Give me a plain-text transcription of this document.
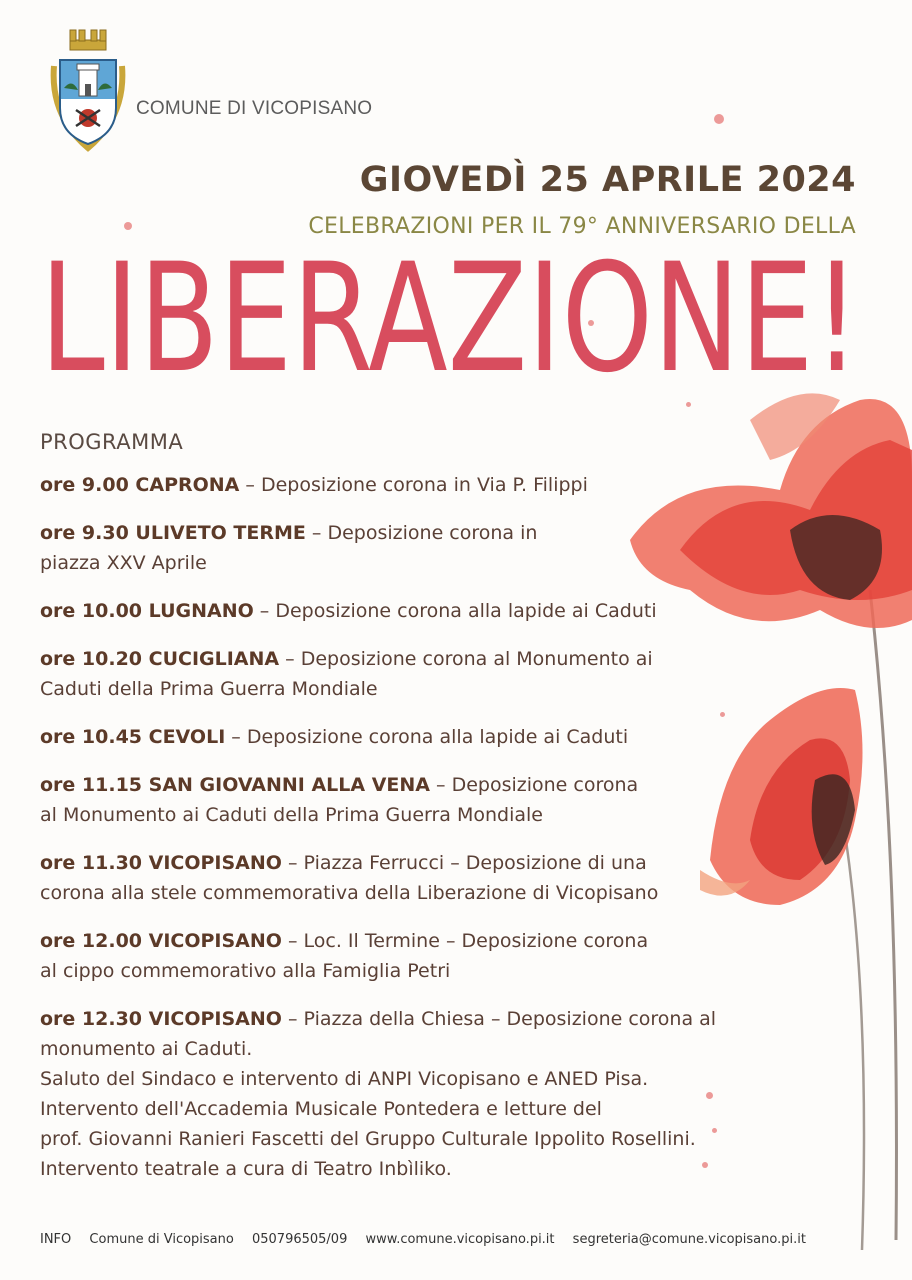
COMUNE DI VICOPISANO
GIOVEDÌ 25 APRILE 2024
CELEBRAZIONI PER IL 79° ANNIVERSARIO DELLA
LIBERAZIONE!
PROGRAMMA
ore 9.00 CAPRONA – Deposizione corona in Via P. Filippi
ore 9.30 ULIVETO TERME – Deposizione corona in
piazza XXV Aprile
ore 10.00 LUGNANO – Deposizione corona alla lapide ai Caduti
ore 10.20 CUCIGLIANA – Deposizione corona al Monumento ai
Caduti della Prima Guerra Mondiale
ore 10.45 CEVOLI – Deposizione corona alla lapide ai Caduti
ore 11.15 SAN GIOVANNI ALLA VENA – Deposizione corona
al Monumento ai Caduti della Prima Guerra Mondiale
ore 11.30 VICOPISANO – Piazza Ferrucci – Deposizione di una
corona alla stele commemorativa della Liberazione di Vicopisano
ore 12.00 VICOPISANO – Loc. Il Termine – Deposizione corona
al cippo commemorativo alla Famiglia Petri
ore 12.30 VICOPISANO – Piazza della Chiesa – Deposizione corona al
monumento ai Caduti.
Saluto del Sindaco e intervento di ANPI Vicopisano e ANED Pisa.
Intervento dell'Accademia Musicale Pontedera e letture del
prof. Giovanni Ranieri Fascetti del Gruppo Culturale Ippolito Rosellini.
Intervento teatrale a cura di Teatro Inbìliko.
INFO Comune di Vicopisano 050796505/09 www.comune.vicopisano.pi.it segreteria@comune.vicopisano.pi.it
